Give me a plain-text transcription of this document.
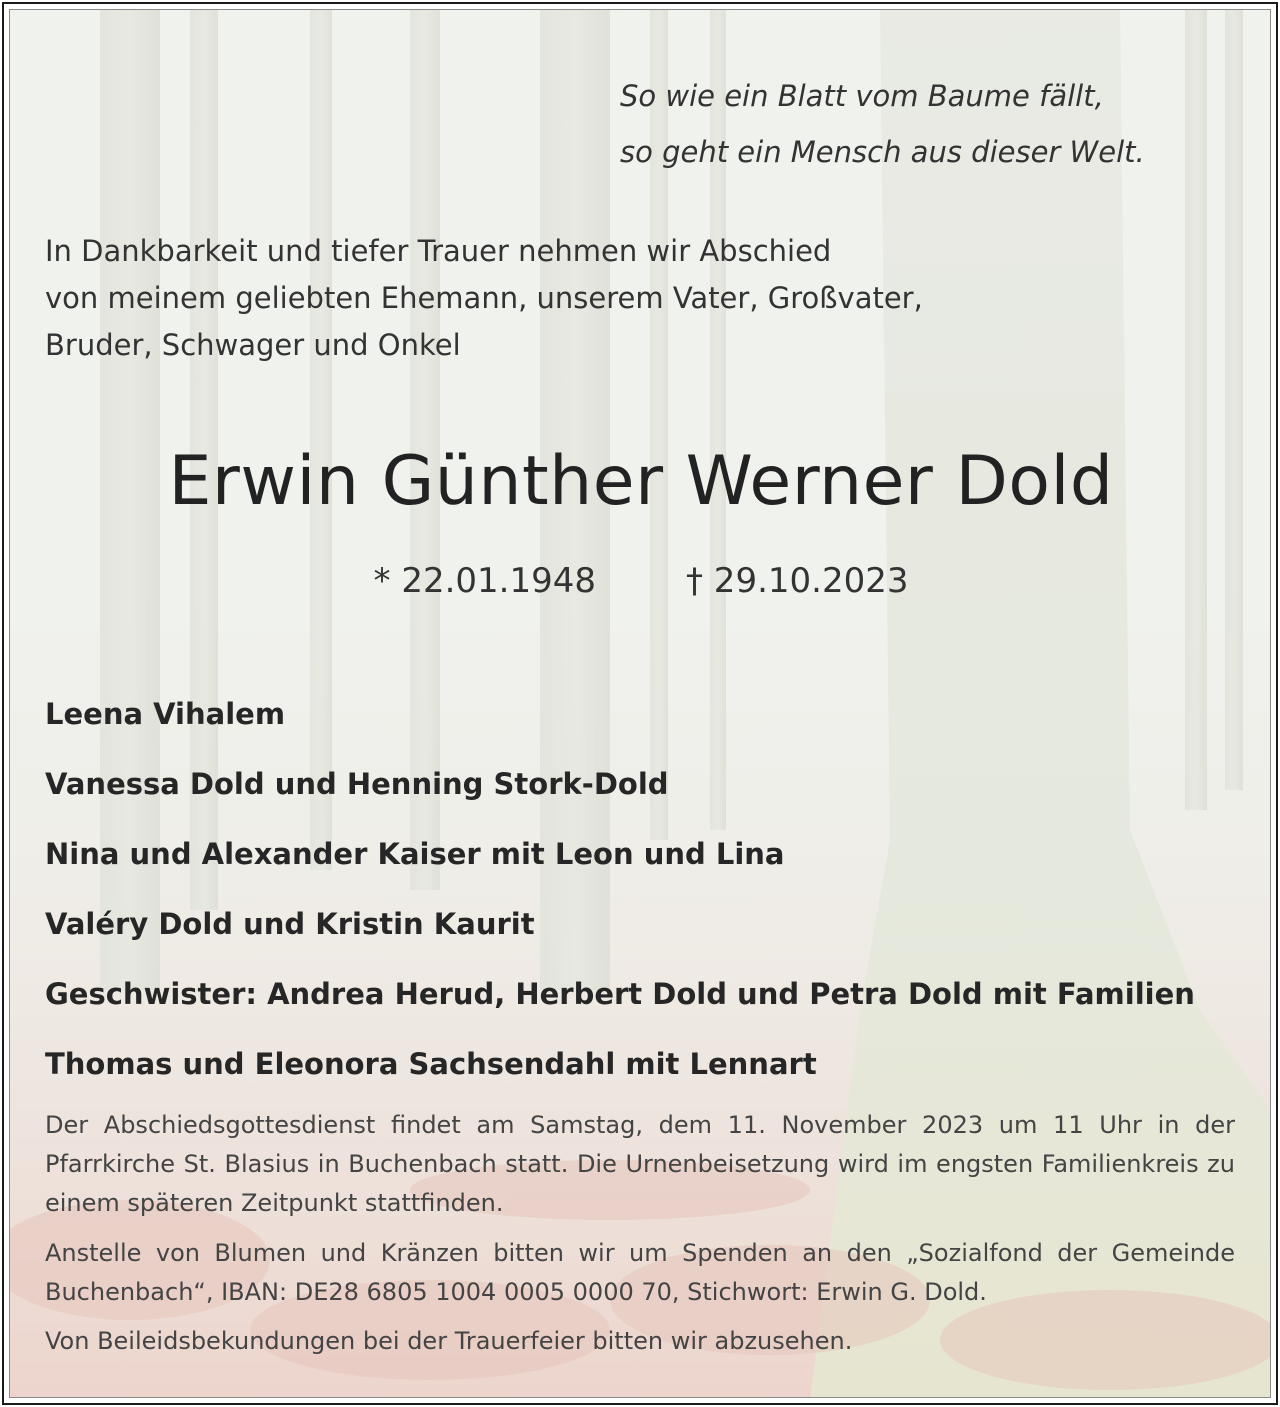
So wie ein Blatt vom Baume fällt,
so geht ein Mensch aus dieser Welt.
In Dankbarkeit und tiefer Trauer nehmen wir Abschied
von meinem geliebten Ehemann, unserem Vater, Großvater,
Bruder, Schwager und Onkel
Erwin Günther Werner Dold
* 22.01.1948	† 29.10.2023
Leena Vihalem
Vanessa Dold und Henning Stork-Dold
Nina und Alexander Kaiser mit Leon und Lina
Valéry Dold und Kristin Kaurit
Geschwister: Andrea Herud, Herbert Dold und Petra Dold mit Familien
Thomas und Eleonora Sachsendahl mit Lennart
Der Abschiedsgottesdienst findet am Samstag, dem 11. November 2023 um 11 Uhr in der Pfarrkirche St. Blasius in Buchenbach statt. Die Urnenbeisetzung wird im engsten Familienkreis zu einem späteren Zeitpunkt stattfinden.
Anstelle von Blumen und Kränzen bitten wir um Spenden an den „Sozialfond der Gemeinde Buchenbach“, IBAN: DE28 6805 1004 0005 0000 70, Stichwort: Erwin G. Dold.
Von Beileidsbekundungen bei der Trauerfeier bitten wir abzusehen.
